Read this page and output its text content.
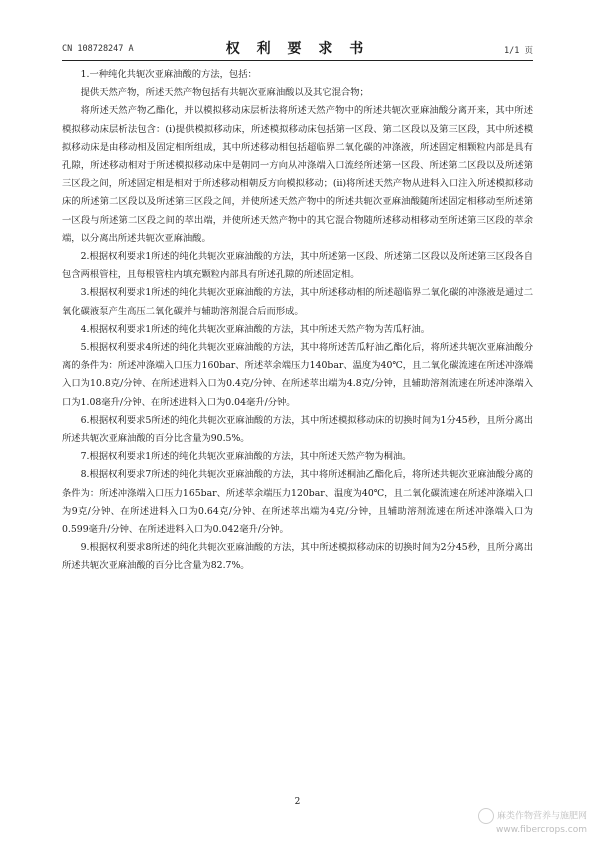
CN 108728247 A	权 利 要 求 书	1/1 页

1.一种纯化共轭次亚麻油酸的方法，包括：

提供天然产物，所述天然产物包括有共轭次亚麻油酸以及其它混合物；

将所述天然产物乙酯化，并以模拟移动床层析法将所述天然产物中的所述共轭次亚麻油酸分离开来，其中所述模拟移动床层析法包含：(i)提供模拟移动床，所述模拟移动床包括第一区段、第二区段以及第三区段，其中所述模拟移动床是由移动相及固定相所组成，其中所述移动相包括超临界二氧化碳的冲涤液，所述固定相颗粒内部是具有孔隙，所述移动相对于所述模拟移动床中是朝同一方向从冲涤端入口流经所述第一区段、所述第二区段以及所述第三区段之间，所述固定相是相对于所述移动相朝反方向模拟移动；(ii)将所述天然产物从进料入口注入所述模拟移动床的所述第二区段以及所述第三区段之间，并使所述天然产物中的所述共轭次亚麻油酸随所述固定相移动至所述第一区段与所述第二区段之间的萃出端，并使所述天然产物中的其它混合物随所述移动相移动至所述第三区段的萃余端，以分离出所述共轭次亚麻油酸。

2.根据权利要求1所述的纯化共轭次亚麻油酸的方法，其中所述第一区段、所述第二区段以及所述第三区段各自包含两根管柱，且每根管柱内填充颗粒内部具有所述孔隙的所述固定相。

3.根据权利要求1所述的纯化共轭次亚麻油酸的方法，其中所述移动相的所述超临界二氧化碳的冲涤液是通过二氧化碳液泵产生高压二氧化碳并与辅助溶剂混合后而形成。

4.根据权利要求1所述的纯化共轭次亚麻油酸的方法，其中所述天然产物为苦瓜籽油。

5.根据权利要求4所述的纯化共轭次亚麻油酸的方法，其中将所述苦瓜籽油乙酯化后，将所述共轭次亚麻油酸分离的条件为：所述冲涤端入口压力160bar、所述萃余端压力140bar、温度为40℃，且二氧化碳流速在所述冲涤端入口为10.8克/分钟、在所述进料入口为0.4克/分钟、在所述萃出端为4.8克/分钟，且辅助溶剂流速在所述冲涤端入口为1.08毫升/分钟、在所述进料入口为0.04毫升/分钟。

6.根据权利要求5所述的纯化共轭次亚麻油酸的方法，其中所述模拟移动床的切换时间为1分45秒，且所分离出所述共轭次亚麻油酸的百分比含量为90.5%。

7.根据权利要求1所述的纯化共轭次亚麻油酸的方法，其中所述天然产物为桐油。

8.根据权利要求7所述的纯化共轭次亚麻油酸的方法，其中将所述桐油乙酯化后，将所述共轭次亚麻油酸分离的条件为：所述冲涤端入口压力165bar、所述萃余端压力120bar、温度为40℃，且二氧化碳流速在所述冲涤端入口为9克/分钟、在所述进料入口为0.64克/分钟、在所述萃出端为4克/分钟，且辅助溶剂流速在所述冲涤端入口为0.599毫升/分钟、在所述进料入口为0.042毫升/分钟。

9.根据权利要求8所述的纯化共轭次亚麻油酸的方法，其中所述模拟移动床的切换时间为2分45秒，且所分离出所述共轭次亚麻油酸的百分比含量为82.7%。

2
麻类作物营养与施肥网
www.fibercrops.com
